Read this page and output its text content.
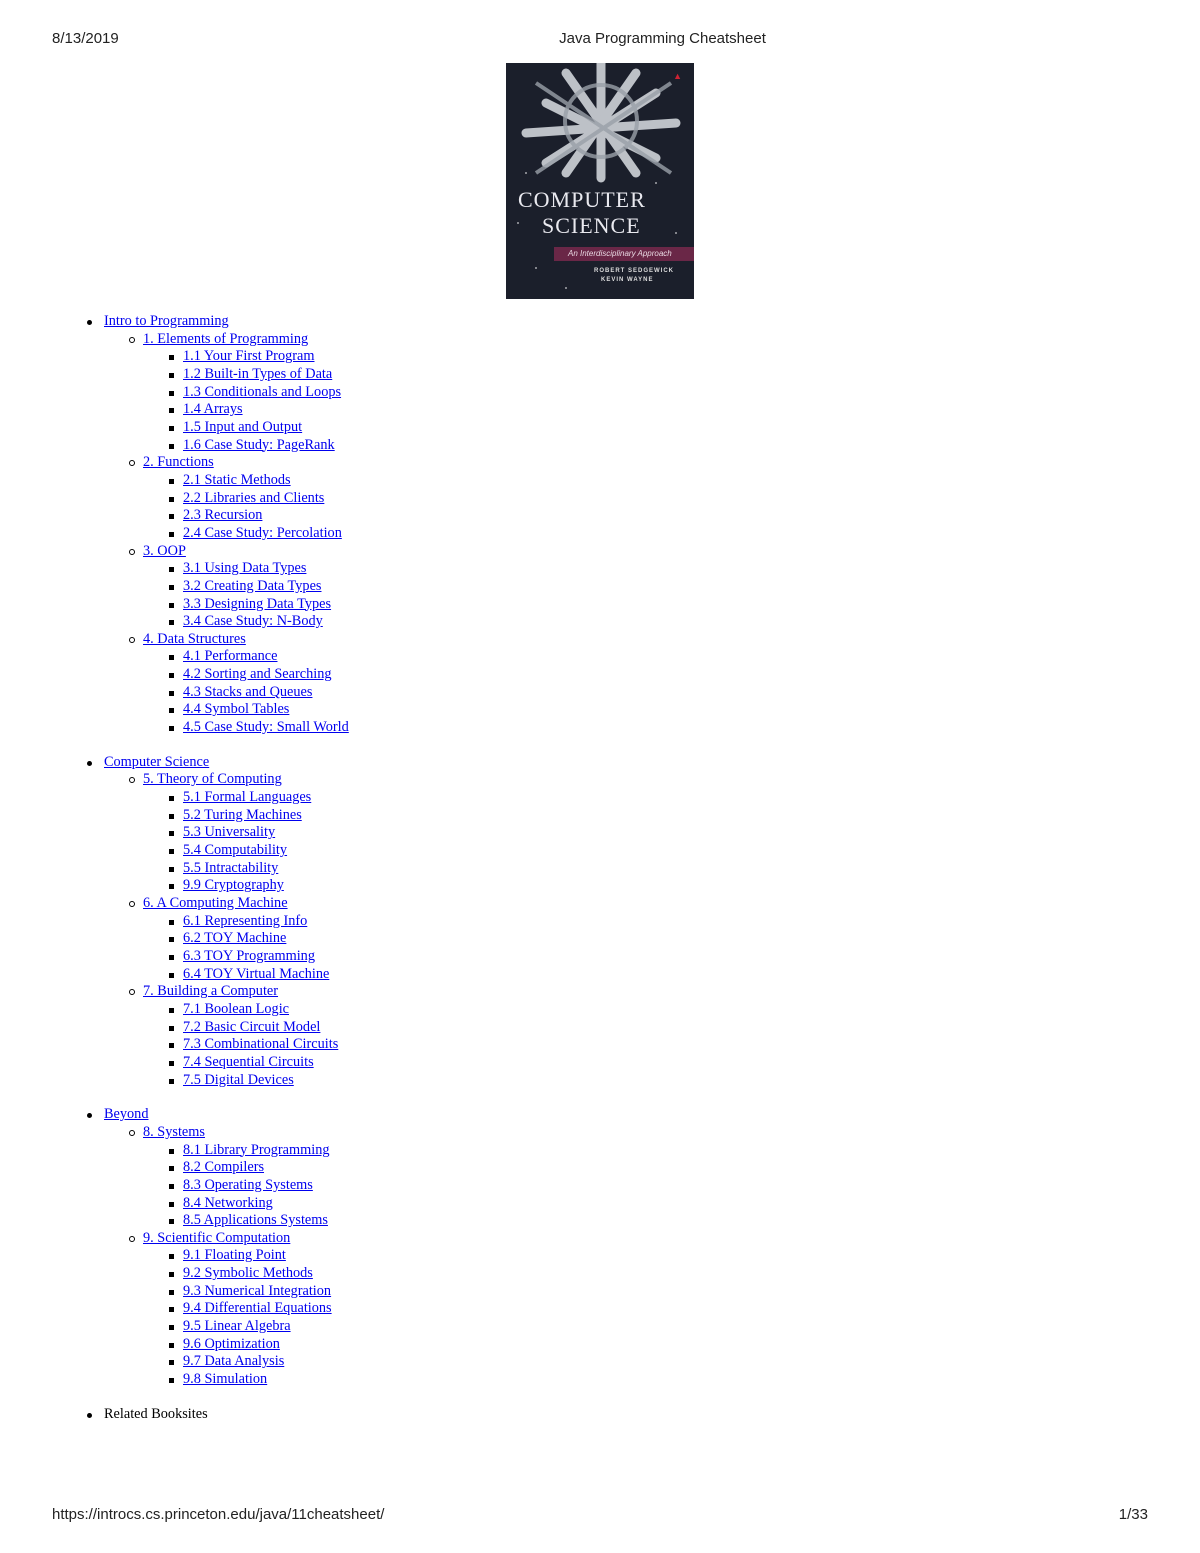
8/13/2019	Java Programming Cheatsheet
▲
COMPUTER
SCIENCE
An Interdisciplinary Approach
ROBERT SEDGEWICK
KEVIN WAYNE
Intro to Programming
1. Elements of Programming
1.1 Your First Program
1.2 Built-in Types of Data
1.3 Conditionals and Loops
1.4 Arrays
1.5 Input and Output
1.6 Case Study: PageRank
2. Functions
2.1 Static Methods
2.2 Libraries and Clients
2.3 Recursion
2.4 Case Study: Percolation
3. OOP
3.1 Using Data Types
3.2 Creating Data Types
3.3 Designing Data Types
3.4 Case Study: N-Body
4. Data Structures
4.1 Performance
4.2 Sorting and Searching
4.3 Stacks and Queues
4.4 Symbol Tables
4.5 Case Study: Small World
Computer Science
5. Theory of Computing
5.1 Formal Languages
5.2 Turing Machines
5.3 Universality
5.4 Computability
5.5 Intractability
9.9 Cryptography
6. A Computing Machine
6.1 Representing Info
6.2 TOY Machine
6.3 TOY Programming
6.4 TOY Virtual Machine
7. Building a Computer
7.1 Boolean Logic
7.2 Basic Circuit Model
7.3 Combinational Circuits
7.4 Sequential Circuits
7.5 Digital Devices
Beyond
8. Systems
8.1 Library Programming
8.2 Compilers
8.3 Operating Systems
8.4 Networking
8.5 Applications Systems
9. Scientific Computation
9.1 Floating Point
9.2 Symbolic Methods
9.3 Numerical Integration
9.4 Differential Equations
9.5 Linear Algebra
9.6 Optimization
9.7 Data Analysis
9.8 Simulation
Related Booksites
https://introcs.cs.princeton.edu/java/11cheatsheet/	1/33
